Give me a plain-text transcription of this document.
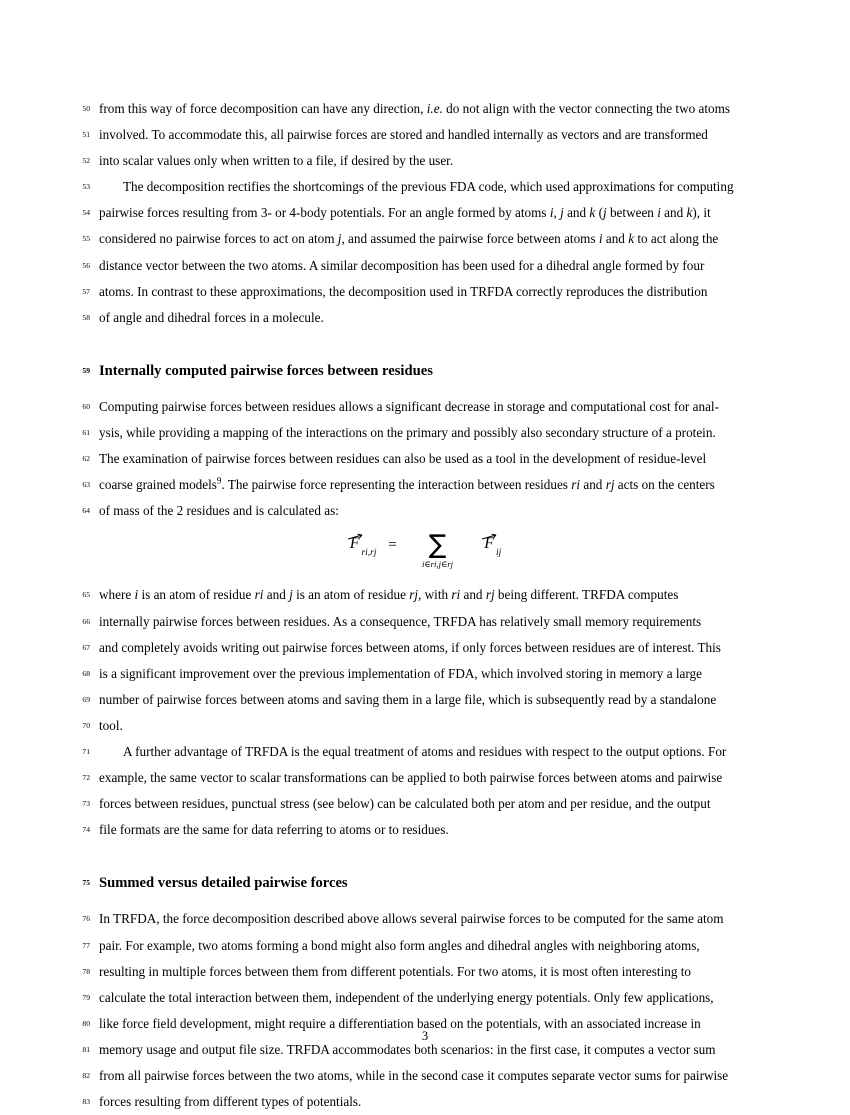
50 from this way of force decomposition can have any direction, i.e. do not align with the vector connecting the two atoms
51 involved. To accommodate this, all pairwise forces are stored and handled internally as vectors and are transformed
52 into scalar values only when written to a file, if desired by the user.
53	The decomposition rectifies the shortcomings of the previous FDA code, which used approximations for computing
54 pairwise forces resulting from 3- or 4-body potentials. For an angle formed by atoms i, j and k (j between i and k), it
55 considered no pairwise forces to act on atom j, and assumed the pairwise force between atoms i and k to act along the
56 distance vector between the two atoms. A similar decomposition has been used for a dihedral angle formed by four
57 atoms. In contrast to these approximations, the decomposition used in TRFDA correctly reproduces the distribution
58 of angle and dihedral forces in a molecule.
59 Internally computed pairwise forces between residues
60 Computing pairwise forces between residues allows a significant decrease in storage and computational cost for anal-
61 ysis, while providing a mapping of the interactions on the primary and possibly also secondary structure of a protein.
62 The examination of pairwise forces between residues can also be used as a tool in the development of residue-level
63 coarse grained models$^9$. The pairwise force representing the interaction between residues ri and rj acts on the centers
64 of mass of the 2 residues and is calculated as:
$F_{ri,rj}$ =	∑
i∈ri,j∈rj

$F_{ij}$
65 where i is an atom of residue ri and j is an atom of residue rj, with ri and rj being different. TRFDA computes
66 internally pairwise forces between residues. As a consequence, TRFDA has relatively small memory requirements
67 and completely avoids writing out pairwise forces between atoms, if only forces between residues are of interest. This
68 is a significant improvement over the previous implementation of FDA, which involved storing in memory a large
69 number of pairwise forces between atoms and saving them in a large file, which is subsequently read by a standalone
70 tool.
71	A further advantage of TRFDA is the equal treatment of atoms and residues with respect to the output options. For
72 example, the same vector to scalar transformations can be applied to both pairwise forces between atoms and pairwise
73 forces between residues, punctual stress (see below) can be calculated both per atom and per residue, and the output
74 file formats are the same for data referring to atoms or to residues.
75 Summed versus detailed pairwise forces
76 In TRFDA, the force decomposition described above allows several pairwise forces to be computed for the same atom
77 pair. For example, two atoms forming a bond might also form angles and dihedral angles with neighboring atoms,
78 resulting in multiple forces between them from different potentials. For two atoms, it is most often interesting to
79 calculate the total interaction between them, independent of the underlying energy potentials. Only few applications,
80 like force field development, might require a differentiation based on the potentials, with an associated increase in
81 memory usage and output file size. TRFDA accommodates both scenarios: in the first case, it computes a vector sum
82 from all pairwise forces between the two atoms, while in the second case it computes separate vector sums for pairwise
83 forces resulting from different types of potentials.
3
